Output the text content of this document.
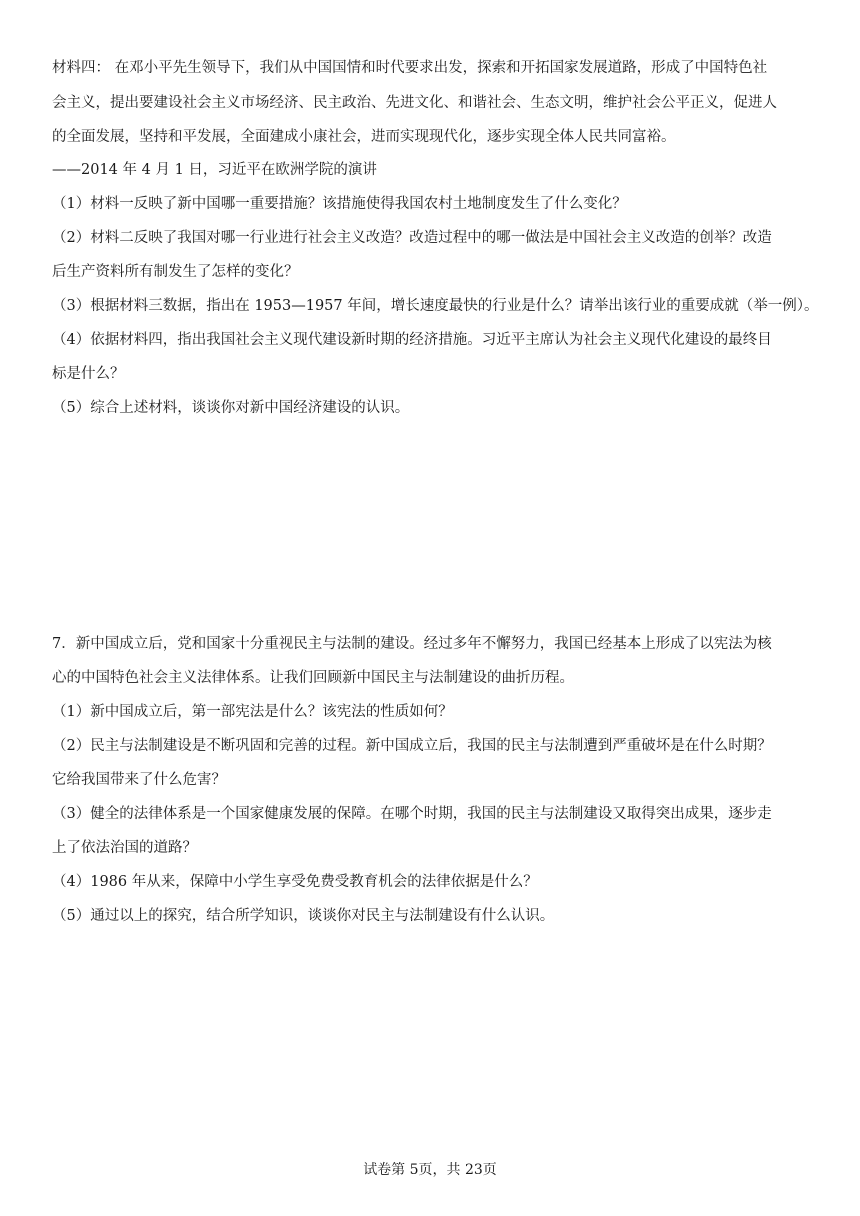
材料四： 在邓小平先生领导下，我们从中国国情和时代要求出发，探索和开拓国家发展道路，形成了中国特色社
会主义，提出要建设社会主义市场经济、民主政治、先进文化、和谐社会、生态文明，维护社会公平正义，促进人
的全面发展，坚持和平发展，全面建成小康社会，进而实现现代化，逐步实现全体人民共同富裕。
——2014 年 4 月 1 日，习近平在欧洲学院的演讲
（1）材料一反映了新中国哪一重要措施？该措施使得我国农村土地制度发生了什么变化？
（2）材料二反映了我国对哪一行业进行社会主义改造？改造过程中的哪一做法是中国社会主义改造的创举？改造
后生产资料所有制发生了怎样的变化？
（3）根据材料三数据，指出在 1953—1957 年间，增长速度最快的行业是什么？请举出该行业的重要成就（举一例）。
（4）依据材料四，指出我国社会主义现代建设新时期的经济措施。习近平主席认为社会主义现代化建设的最终目
标是什么？
（5）综合上述材料，谈谈你对新中国经济建设的认识。
7．新中国成立后，党和国家十分重视民主与法制的建设。经过多年不懈努力，我国已经基本上形成了以宪法为核
心的中国特色社会主义法律体系。让我们回顾新中国民主与法制建设的曲折历程。
（1）新中国成立后，第一部宪法是什么？该宪法的性质如何？
（2）民主与法制建设是不断巩固和完善的过程。新中国成立后，我国的民主与法制遭到严重破坏是在什么时期？
它给我国带来了什么危害？
（3）健全的法律体系是一个国家健康发展的保障。在哪个时期，我国的民主与法制建设又取得突出成果，逐步走
上了依法治国的道路？
（4）1986 年从来，保障中小学生享受免费受教育机会的法律依据是什么？
（5）通过以上的探究，结合所学知识，谈谈你对民主与法制建设有什么认识。
试卷第 5页，共 23页
